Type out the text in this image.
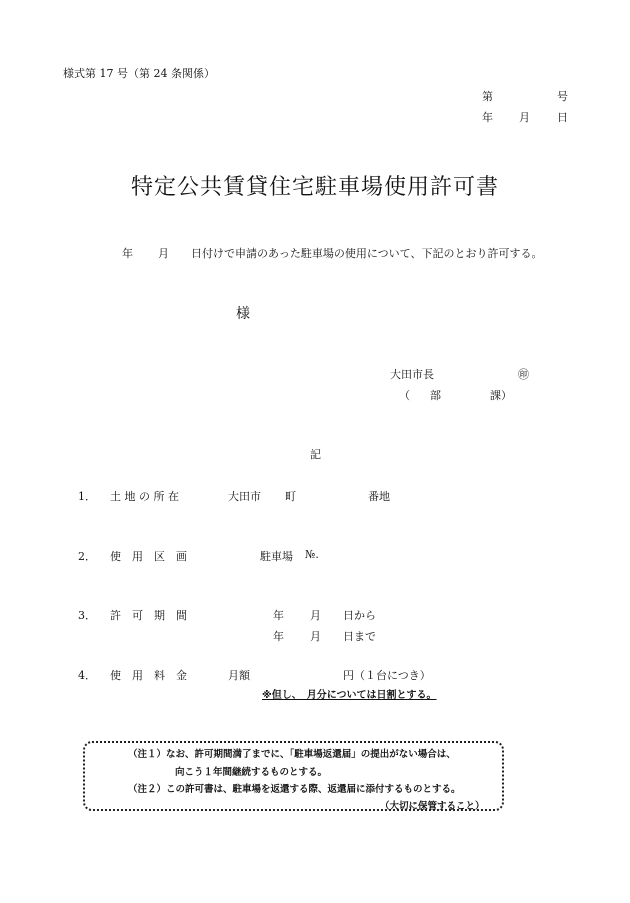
様式第 17 号（第 24 条関係）
第	号
年 月 日
特定公共賃貸住宅駐車場使用許可書
年 月 日付けで申請のあった駐車場の使用について、下記のとおり許可する。
様
大田市長	㊞
（ 部	課）
記
1． 土 地 の 所 在	大田市 町	番地
2． 使　用　区　画	駐車場 №.
3． 許　可　期　間	年 月 日から
年 月 日まで
4． 使　用　料　金	月額	円（１台につき）
※但し、　月分については日割とする。
（注１）なお、許可期間満了までに、「駐車場返還届」の提出がない場合は、
向こう１年間継続するものとする。
（注２）この許可書は、駐車場を返還する際、返還届に添付するものとする。
（大切に保管すること）
